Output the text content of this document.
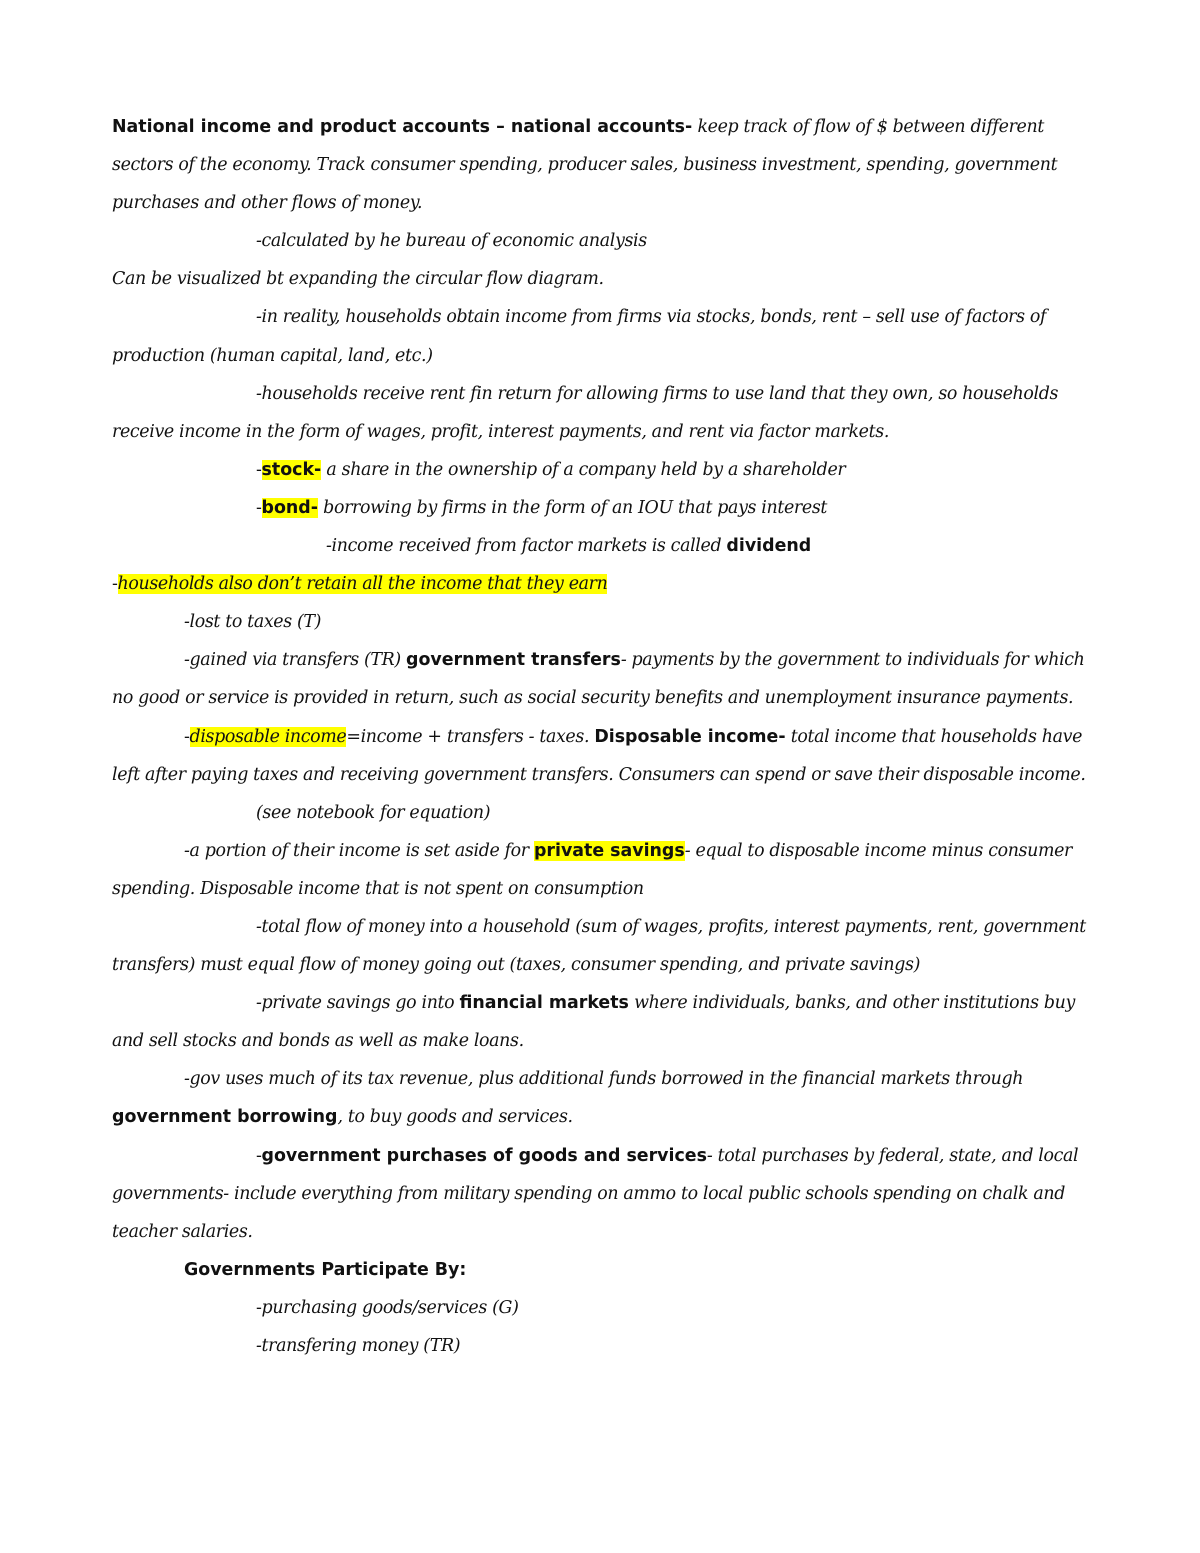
National income and product accounts – national accounts- keep track of flow of $ between different sectors of the economy. Track consumer spending, producer sales, business investment, spending, government purchases and other flows of money.

-calculated by he bureau of economic analysis

Can be visualized bt expanding the circular flow diagram.

-in reality, households obtain income from firms via stocks, bonds, rent – sell use of factors of production (human capital, land, etc.)

-households receive rent fin return for allowing firms to use land that they own, so households receive income in the form of wages, profit, interest payments, and rent via factor markets.

-stock- a share in the ownership of a company held by a shareholder

-bond- borrowing by firms in the form of an IOU that pays interest

-income received from factor markets is called dividend

-households also don’t retain all the income that they earn

-lost to taxes (T)

-gained via transfers (TR) government transfers- payments by the government to individuals for which no good or service is provided in return, such as social security benefits and unemployment insurance payments.

-disposable income=income + transfers - taxes. Disposable income- total income that households have left after paying taxes and receiving government transfers. Consumers can spend or save their disposable income.

(see notebook for equation)

-a portion of their income is set aside for private savings- equal to disposable income minus consumer spending. Disposable income that is not spent on consumption

-total flow of money into a household (sum of wages, profits, interest payments, rent, government transfers) must equal flow of money going out (taxes, consumer spending, and private savings)

-private savings go into financial markets where individuals, banks, and other institutions buy and sell stocks and bonds as well as make loans.

-gov uses much of its tax revenue, plus additional funds borrowed in the financial markets through government borrowing, to buy goods and services.

-government purchases of goods and services- total purchases by federal, state, and local governments- include everything from military spending on ammo to local public schools spending on chalk and teacher salaries.

Governments Participate By:

-purchasing goods/services (G)

-transfering money (TR)
